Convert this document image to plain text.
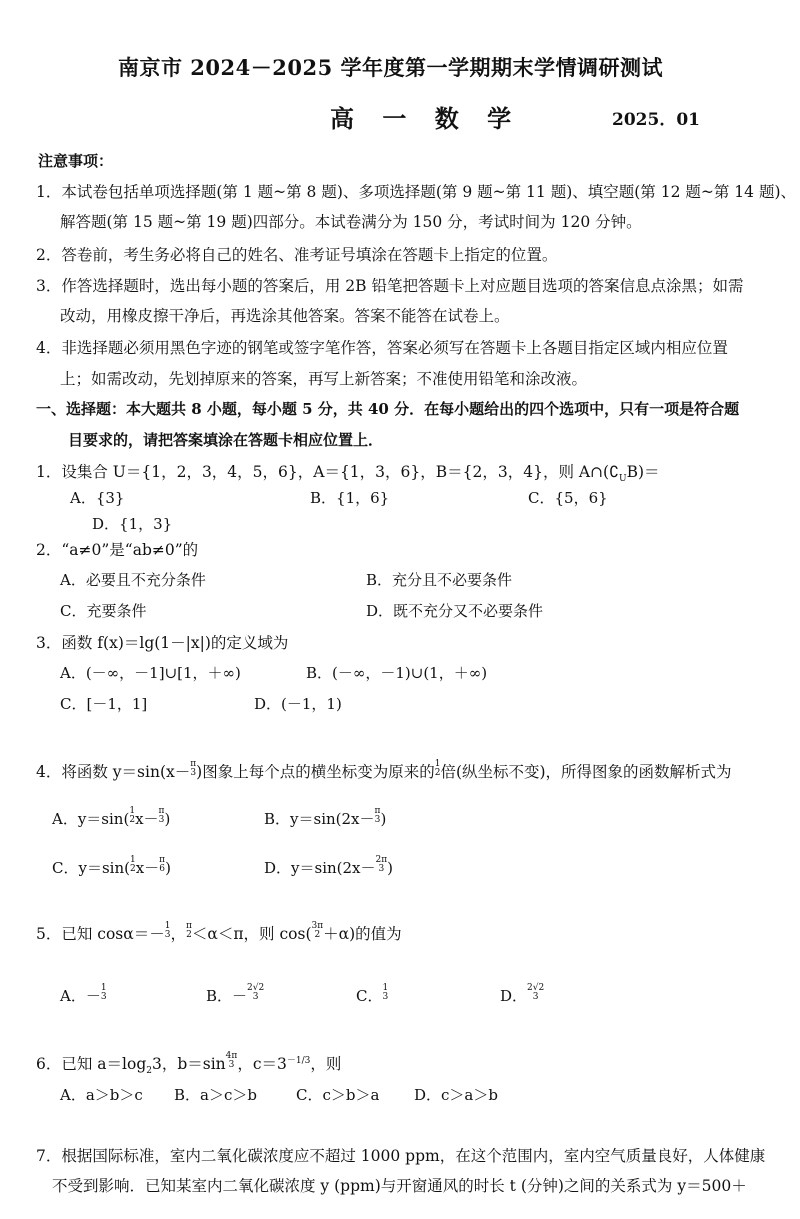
南京市 2024－2025 学年度第一学期期末学情调研测试
高 一 数 学	2025．01
注意事项：
1．本试卷包括单项选择题(第 1 题~第 8 题)、多项选择题(第 9 题~第 11 题)、填空题(第 12 题~第 14 题)、
解答题(第 15 题~第 19 题)四部分。本试卷满分为 150 分，考试时间为 120 分钟。
2．答卷前，考生务必将自己的姓名、准考证号填涂在答题卡上指定的位置。
3．作答选择题时，选出每小题的答案后，用 2B 铅笔把答题卡上对应题目选项的答案信息点涂黑；如需
改动，用橡皮擦干净后，再选涂其他答案。答案不能答在试卷上。
4．非选择题必须用黑色字迹的钢笔或签字笔作答，答案必须写在答题卡上各题目指定区域内相应位置
上；如需改动，先划掉原来的答案，再写上新答案；不准使用铅笔和涂改液。
一、选择题：本大题共 8 小题，每小题 5 分，共 40 分．在每小题给出的四个选项中，只有一项是符合题
目要求的，请把答案填涂在答题卡相应位置上．
1．设集合 U＝{1，2，3，4，5，6}，A＝{1，3，6}，B＝{2，3，4}，则 $A\cap(∁_UB)=$
A．{3}	B．{1，6}	C．{5，6}
D．{1，3}
2．“a≠0”是“ab≠0”的
A．必要且不充分条件	B．充分且不必要条件
C．充要条件	D．既不充分又不必要条件
3．函数 f(x)＝lg(1－|x|)的定义域为
A．(－∞，－1]∪[1，＋∞)	B．(－∞，－1)∪(1，＋∞)
C．[－1，1]	D．(－1，1)
4．将函数 y＝sin(x－π
3)图象上每个点的横坐标变为原来的1
2倍(纵坐标不变)，所得图象的函数解析式为
A．y＝sin(1
2x－π
3)	B．y＝sin(2x－π
3)
C．y＝sin(1
2x－π
6)	D．y＝sin(2x－2π
3 )
5．已知 cosα＝－1
3，π
2＜α＜π，则 cos(3π
2 ＋α)的值为
A．－1
3	B．－2√2
3	C．1
3	D．2√2
3
6．已知 $a=\log_23$，b＝sin4π
3 ，$c=3^{-1/3}$，则
A．a＞b＞c B．a＞c＞b	C．c＞b＞a D．c＞a＞b
7．根据国际标准，室内二氧化碳浓度应不超过 1000 ppm，在这个范围内，室内空气质量良好，人体健康
不受到影响．已知某室内二氧化碳浓度 y (ppm)与开窗通风的时长 t (分钟)之间的关系式为 y＝500＋
